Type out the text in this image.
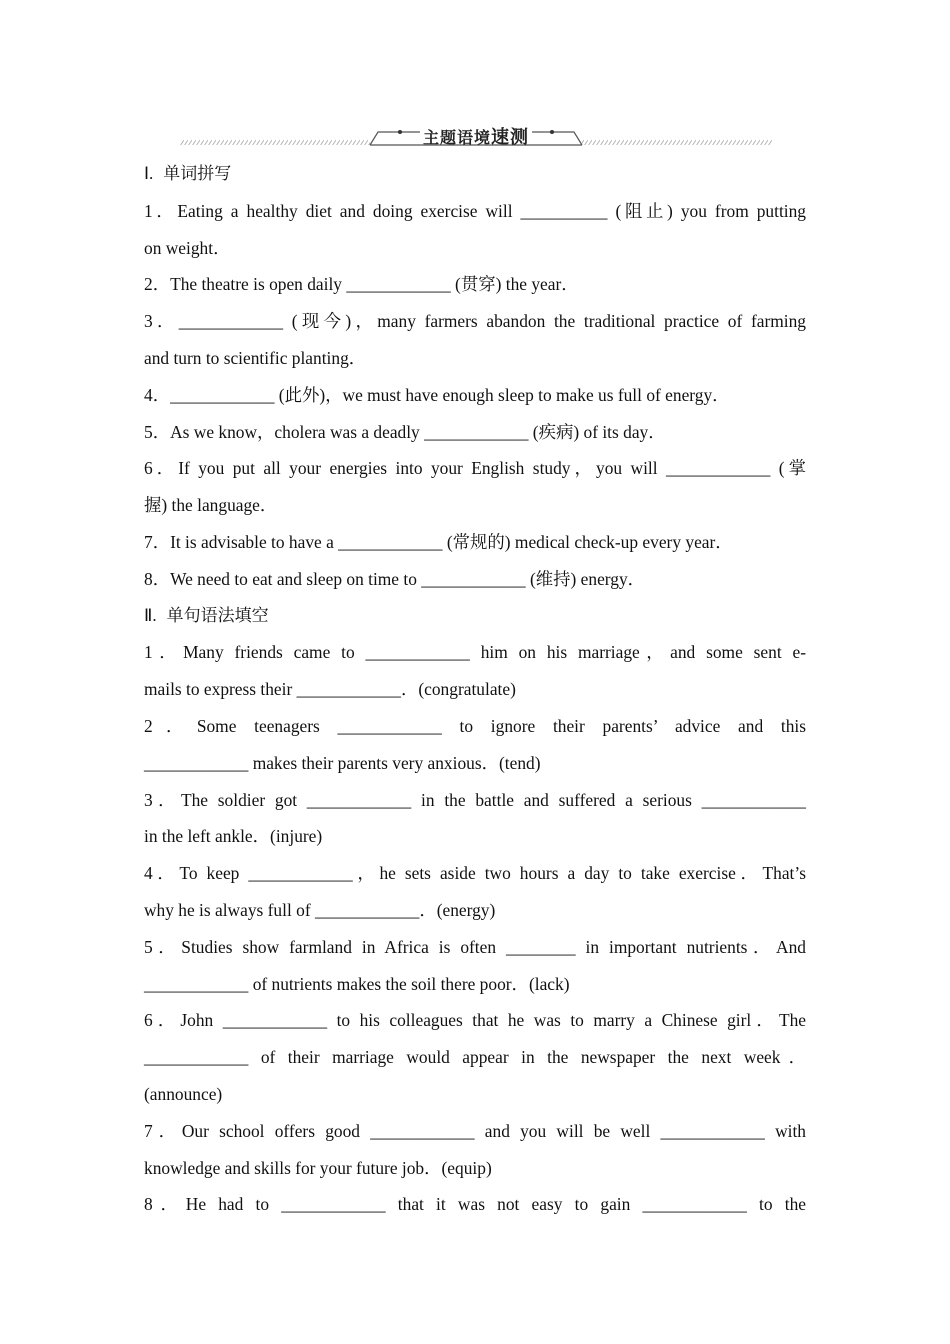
主题语境速测
Ⅰ. 单词拼写
1．Eating a healthy diet and doing exercise will __________ (阻止) you from putting
on weight．
2．The theatre is open daily ____________ (贯穿) the year．
3．____________ (现今)，many farmers abandon the traditional practice of farming
and turn to scientific planting．
4．____________ (此外)，we must have enough sleep to make us full of energy．
5．As we know，cholera was a deadly ____________ (疾病) of its day．
6．If you put all your energies into your English study，you will ____________ (掌
握) the language．
7．It is advisable to have a ____________ (常规的) medical check-up every year．
8．We need to eat and sleep on time to ____________ (维持) energy．
Ⅱ. 单句语法填空
1．Many friends came to ____________ him on his marriage，and some sent e-
mails to express their ____________．(congratulate)
2．Some teenagers ____________ to ignore their parents’ advice and this
____________ makes their parents very anxious．(tend)
3．The soldier got ____________ in the battle and suffered a serious ____________
in the left ankle．(injure)
4．To keep ____________，he sets aside two hours a day to take exercise．That’s
why he is always full of ____________．(energy)
5．Studies show farmland in Africa is often ________ in important nutrients．And
____________ of nutrients makes the soil there poor．(lack)
6．John ____________ to his colleagues that he was to marry a Chinese girl．The
____________ of their marriage would appear in the newspaper the next week．
(announce)
7．Our school offers good ____________ and you will be well ____________ with
knowledge and skills for your future job．(equip)
8．He had to ____________ that it was not easy to gain ____________ to the
